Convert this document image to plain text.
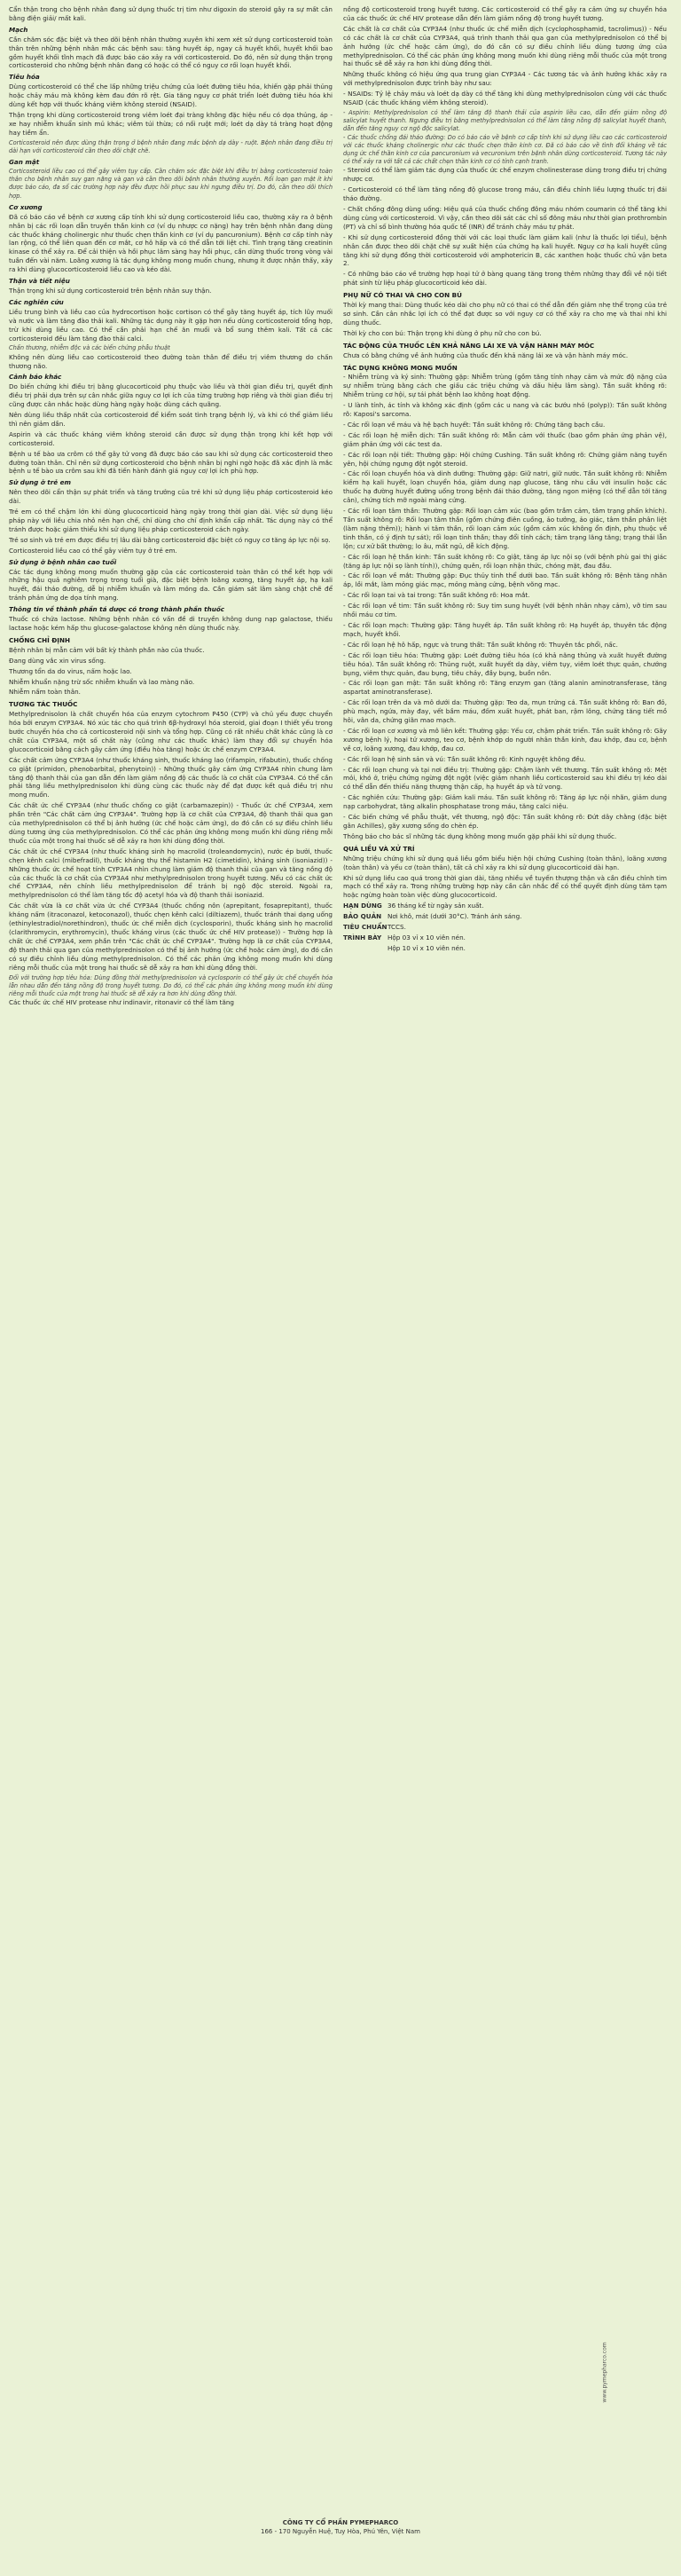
Cẩn thận trong cho bệnh nhân đang sử dụng thuốc trị tim như digoxin do steroid gây ra sự mất cân bằng điện giải/ mất kali.

Mạch

Cần chăm sóc đặc biệt và theo dõi bệnh nhân thường xuyên khi xem xét sử dụng corticosteroid toàn thân trên những bệnh nhân mắc các bệnh sau: tăng huyết áp, ngay cả huyết khối, huyết khối bao gồm huyết khối tĩnh mạch đã được báo cáo xảy ra với corticosteroid. Do đó, nên sử dụng thận trọng corticosteroid cho những bệnh nhân đang có hoặc có thể có nguy cơ rối loạn huyết khối.

Tiêu hóa

Dùng corticosteroid có thể che lấp những triệu chứng của loét đường tiêu hóa, khiến gặp phải thủng hoặc chảy máu mà không kèm đau đớn rõ rệt. Gia tăng nguy cơ phát triển loét đường tiêu hóa khi dùng kết hợp với thuốc kháng viêm không steroid (NSAID).

Thận trọng khi dùng corticosteroid trong viêm loét đại tràng không đặc hiệu nếu có dọa thủng, áp - xe hay nhiễm khuẩn sinh mủ khác; viêm túi thừa; có nối ruột mới; loét dạ dày tá tràng hoạt động hay tiềm ẩn.

Corticosteroid nên được dùng thận trọng ở bệnh nhân đang mắc bệnh dạ dày - ruột. Bệnh nhân đang điều trị dài hạn với corticosteroid cần theo dõi chặt chẽ.
Gan mật
Corticosteroid liều cao có thể gây viêm tụy cấp. Cần chăm sóc đặc biệt khi điều trị bằng corticosteroid toàn thân cho bệnh nhân suy gan nặng và gan và cần theo dõi bệnh nhân thường xuyên. Rối loạn gan mật ít khi được báo cáo, đa số các trường hợp này đều được hồi phục sau khi ngưng điều trị. Do đó, cần theo dõi thích hợp.
Cơ xương

Đã có báo cáo về bệnh cơ xương cấp tính khi sử dụng corticosteroid liều cao, thường xảy ra ở bệnh nhân bị các rối loạn dẫn truyền thần kinh cơ (ví dụ nhược cơ nặng) hay trên bệnh nhân đang dùng các thuốc kháng cholinergic như thuốc chẹn thần kinh cơ (ví dụ pancuronium). Bệnh cơ cấp tính này lan rộng, có thể liên quan đến cơ mắt, cơ hô hấp và có thể dẫn tới liệt chi. Tình trạng tăng creatinin kinase có thể xảy ra. Để cải thiện và hồi phục lâm sàng hay hồi phục, cần dừng thuốc trong vòng vài tuần đến vài năm. Loãng xương là tác dụng không mong muốn chung, nhưng ít được nhận thấy, xảy ra khi dùng glucocorticosteroid liều cao và kéo dài.

Thận và tiết niệu

Thận trọng khi sử dụng corticosteroid trên bệnh nhân suy thận.

Các nghiên cứu

Liều trung bình và liều cao của hydrocortison hoặc cortison có thể gây tăng huyết áp, tích lũy muối và nước và làm tăng đào thải kali. Những tác dụng này ít gặp hơn nếu dùng corticosteroid tổng hợp, trừ khi dùng liều cao. Có thể cần phải hạn chế ăn muối và bổ sung thêm kali. Tất cả các corticosteroid đều làm tăng đào thải calci.

Chấn thương, nhiễm độc và các biến chứng phẫu thuật

Không nên dùng liều cao corticosteroid theo đường toàn thân để điều trị viêm thương do chấn thương não.

Cảnh báo khác

Do biến chứng khi điều trị bằng glucocorticoid phụ thuộc vào liều và thời gian điều trị, quyết định điều trị phải dựa trên sự cân nhắc giữa nguy cơ lợi ích của từng trường hợp riêng và thời gian điều trị cũng được cân nhắc hoặc dùng hàng ngày hoặc dùng cách quãng.

Nên dùng liều thấp nhất của corticosteroid để kiểm soát tình trạng bệnh lý, và khi có thể giảm liều thì nên giảm dần.

Aspirin và các thuốc kháng viêm không steroid cần được sử dụng thận trọng khi kết hợp với corticosteroid.

Bệnh u tế bào ưa crôm có thể gây tử vong đã được báo cáo sau khi sử dụng các corticosteroid theo đường toàn thân. Chỉ nên sử dụng corticosteroid cho bệnh nhân bị nghi ngờ hoặc đã xác định là mắc bệnh u tế bào ưa crôm sau khi đã tiến hành đánh giá nguy cơ/ lợi ích phù hợp.

Sử dụng ở trẻ em

Nên theo dõi cẩn thận sự phát triển và tăng trưởng của trẻ khi sử dụng liệu pháp corticosteroid kéo dài.

Trẻ em có thể chậm lớn khi dùng glucocorticoid hàng ngày trong thời gian dài. Việc sử dụng liệu pháp này với liều chia nhỏ nên hạn chế, chỉ dùng cho chỉ định khẩn cấp nhất. Tác dụng này có thể tránh được hoặc giảm thiểu khi sử dụng liệu pháp corticosteroid cách ngày.

Trẻ sơ sinh và trẻ em được điều trị lâu dài bằng corticosteroid đặc biệt có nguy cơ tăng áp lực nội sọ.

Corticosteroid liều cao có thể gây viêm tụy ở trẻ em.

Sử dụng ở bệnh nhân cao tuổi

Các tác dụng không mong muốn thường gặp của các corticosteroid toàn thân có thể kết hợp với những hậu quả nghiêm trọng trong tuổi già, đặc biệt bệnh loãng xương, tăng huyết áp, hạ kali huyết, đái tháo đường, dễ bị nhiễm khuẩn và làm mỏng da. Cần giám sát lâm sàng chặt chẽ để tránh phản ứng de dọa tính mạng.

Thông tin về thành phần tá dược có trong thành phần thuốc

Thuốc có chứa lactose. Những bệnh nhân có vấn đề di truyền không dung nạp galactose, thiếu lactase hoặc kém hấp thu glucose-galactose không nên dùng thuốc này.

CHỐNG CHỈ ĐỊNH

Bệnh nhân bị mẫn cảm với bất kỳ thành phần nào của thuốc.

Đang dùng vắc xin virus sống.

Thương tổn da do virus, nấm hoặc lao.

Nhiễm khuẩn nặng trừ sốc nhiễm khuẩn và lao màng não.

Nhiễm nấm toàn thân.

TƯƠNG TÁC THUỐC

Methylprednisolon là chất chuyển hóa của enzym cytochrom P450 (CYP) và chủ yếu được chuyển hóa bởi enzym CYP3A4. Nó xúc tác cho quá trình 6β-hydroxyl hóa steroid, giai đoạn I thiết yếu trong bước chuyển hóa cho cả corticosteroid nội sinh và tổng hợp. Cũng có rất nhiều chất khác cũng là cơ chất của CYP3A4, một số chất này (cũng như các thuốc khác) làm thay đổi sự chuyển hóa glucocorticoid bằng cách gây cảm ứng (điều hòa tăng) hoặc ức chế enzym CYP3A4.

Các chất cảm ứng CYP3A4 (như thuốc kháng sinh, thuốc kháng lao (rifampin, rifabutin), thuốc chống co giật (primidon, phenobarbital, phenytoin)) - Những thuốc gây cảm ứng CYP3A4 nhìn chung làm tăng độ thanh thải của gan dẫn đến làm giảm nồng độ các thuốc là cơ chất của CYP3A4. Có thể cần phải tăng liều methylprednisolon khi dùng cùng các thuốc này để đạt được kết quả điều trị như mong muốn.

Các chất ức chế CYP3A4 (như thuốc chống co giật (carbamazepin)) - Thuốc ức chế CYP3A4, xem phần trên "Các chất cảm ứng CYP3A4". Trường hợp là cơ chất của CYP3A4, độ thanh thải qua gan của methylprednisolon có thể bị ảnh hưởng (ức chế hoặc cảm ứng), do đó cần có sự điều chỉnh liều dùng tương ứng của methylprednisolon. Có thể các phản ứng không mong muốn khi dùng riêng mỗi thuốc của một trong hai thuốc sẽ dễ xảy ra hơn khi dùng đồng thời.

Các chất ức chế CYP3A4 (như thuốc kháng sinh họ macrolid (troleandomycin), nước ép bưởi, thuốc chẹn kênh calci (mibefradil), thuốc kháng thụ thể histamin H2 (cimetidin), kháng sinh (isoniazid)) - Những thuốc ức chế hoạt tính CYP3A4 nhìn chung làm giảm độ thanh thải của gan và tăng nồng độ của các thuốc là cơ chất của CYP3A4 như methylprednisolon trong huyết tương. Nếu có các chất ức chế CYP3A4, nên chỉnh liều methylprednisolon để tránh bị ngộ độc steroid. Ngoài ra, methylprednisolon có thể làm tăng tốc độ acetyl hóa và độ thanh thải isoniazid.

Các chất vừa là cơ chất vừa ức chế CYP3A4 (thuốc chống nôn (aprepitant, fosaprepitant), thuốc kháng nấm (itraconazol, ketoconazol), thuốc chẹn kênh calci (diltiazem), thuốc tránh thai dạng uống (ethinylestradiol/norethindron), thuốc ức chế miễn dịch (cyclosporin), thuốc kháng sinh họ macrolid (clarithromycin, erythromycin), thuốc kháng virus (các thuốc ức chế HIV protease)) - Trường hợp là chất ức chế CYP3A4, xem phần trên "Các chất ức chế CYP3A4". Trường hợp là cơ chất của CYP3A4, độ thanh thải qua gan của methylprednisolon có thể bị ảnh hưởng (ức chế hoặc cảm ứng), do đó cần có sự điều chỉnh liều dùng methylprednisolon. Có thể các phản ứng không mong muốn khi dùng riêng mỗi thuốc của một trong hai thuốc sẽ dễ xảy ra hơn khi dùng đồng thời.

Đối với trường hợp tiêu hóa: Dùng đồng thời methylprednisolon và cyclosporin có thể gây ức chế chuyển hóa lẫn nhau dẫn đến tăng nồng độ trong huyết tương. Do đó, có thể các phản ứng không mong muốn khi dùng riêng mỗi thuốc của một trong hai thuốc sẽ dễ xảy ra hơn khi dùng đồng thời.

Các thuốc ức chế HIV protease như indinavir, ritonavir có thể làm tăng

nồng độ corticosteroid trong huyết tương. Các corticosteroid có thể gây ra cảm ứng sự chuyển hóa của các thuốc ức chế HIV protease dẫn đến làm giảm nồng độ trong huyết tương.

Các chất là cơ chất của CYP3A4 (như thuốc ức chế miễn dịch (cyclophosphamid, tacrolimus)) - Nếu có các chất là cơ chất của CYP3A4, quá trình thanh thải qua gan của methylprednisolon có thể bị ảnh hưởng (ức chế hoặc cảm ứng), do đó cần có sự điều chỉnh liều dùng tương ứng của methylprednisolon. Có thể các phản ứng không mong muốn khi dùng riêng mỗi thuốc của một trong hai thuốc sẽ dễ xảy ra hơn khi dùng đồng thời.

Những thuốc không có hiệu ứng qua trung gian CYP3A4 - Các tương tác và ảnh hưởng khác xảy ra với methylprednisolon được trình bày như sau:

- NSAIDs: Tỷ lệ chảy máu và loét dạ dày có thể tăng khi dùng methylprednisolon cùng với các thuốc NSAID (các thuốc kháng viêm không steroid).

- Aspirin: Methylprednisolon có thể làm tăng độ thanh thải của aspirin liều cao, dẫn đến giảm nồng độ salicylat huyết thanh. Ngưng điều trị bằng methylprednisolon có thể làm tăng nồng độ salicylat huyết thanh, dẫn đến tăng nguy cơ ngộ độc salicylat.
- Các thuốc chống đái tháo đường: Do có báo cáo về bệnh cơ cấp tính khi sử dụng liều cao các corticosteroid với các thuốc kháng cholinergic như các thuốc chẹn thần kinh cơ. Đã có báo cáo về tình đối kháng về tác dụng ức chế thần kinh cơ của pancuronium và vecuronium trên bệnh nhân dùng corticosteroid. Tương tác này có thể xảy ra với tất cả các chất chẹn thần kinh cơ có tính cạnh tranh.

- Steroid có thể làm giảm tác dụng của thuốc ức chế enzym cholinesterase dùng trong điều trị chứng nhược cơ.

- Corticosteroid có thể làm tăng nồng độ glucose trong máu, cần điều chỉnh liều lượng thuốc trị đái tháo đường.

- Chất chống đông dùng uống: Hiệu quả của thuốc chống đông máu nhóm coumarin có thể tăng khi dùng cùng với corticosteroid. Vì vậy, cần theo dõi sát các chỉ số đông máu như thời gian prothrombin (PT) và chỉ số bình thường hóa quốc tế (INR) để tránh chảy máu tự phát.

- Khi sử dụng corticosteroid đồng thời với các loại thuốc làm giảm kali (như là thuốc lợi tiểu), bệnh nhân cần được theo dõi chặt chẽ sự xuất hiện của chứng hạ kali huyết. Nguy cơ hạ kali huyết cũng tăng khi sử dụng đồng thời corticosteroid với amphotericin B, các xanthen hoặc thuốc chủ vận beta 2.

- Có những báo cáo về trường hợp hoại tử ở bàng quang tăng trong thêm những thay đổi về nội tiết phát sinh từ liệu pháp glucocorticoid kéo dài.

PHỤ NỮ CÓ THAI VÀ CHO CON BÚ

Thời kỳ mang thai: Dùng thuốc kéo dài cho phụ nữ có thai có thể dẫn đến giảm nhẹ thể trọng của trẻ sơ sinh. Cần cân nhắc lợi ích có thể đạt được so với nguy cơ có thể xảy ra cho mẹ và thai nhi khi dùng thuốc.

Thời kỳ cho con bú: Thận trọng khi dùng ở phụ nữ cho con bú.

TÁC ĐỘNG CỦA THUỐC LÊN KHẢ NĂNG LÁI XE VÀ VẬN HÀNH MÁY MÓC

Chưa có bằng chứng về ảnh hưởng của thuốc đến khả năng lái xe và vận hành máy móc.

TÁC DỤNG KHÔNG MONG MUỐN

- Nhiễm trùng và ký sinh: Thường gặp: Nhiễm trùng (gồm tăng tính nhạy cảm và mức độ nặng của sự nhiễm trùng bằng cách che giấu các triệu chứng và dấu hiệu lâm sàng). Tần suất không rõ: Nhiễm trùng cơ hội, sự tái phát bệnh lao không hoạt động.

- U lành tính, ác tính và không xác định (gồm các u nang và các bướu nhỏ (polyp)): Tần suất không rõ: Kaposi's sarcoma.

- Các rối loạn về máu và hệ bạch huyết: Tần suất không rõ: Chứng tăng bạch cầu.

- Các rối loạn hệ miễn dịch: Tần suất không rõ: Mẫn cảm với thuốc (bao gồm phản ứng phản vệ), giảm phản ứng với các test da.

- Các rối loạn nội tiết: Thường gặp: Hội chứng Cushing. Tần suất không rõ: Chứng giảm năng tuyến yên, hội chứng ngưng đột ngột steroid.

- Các rối loạn chuyển hóa và dinh dưỡng: Thường gặp: Giữ natri, giữ nước. Tần suất không rõ: Nhiễm kiềm hạ kali huyết, loạn chuyển hóa, giảm dung nạp glucose, tăng nhu cầu với insulin hoặc các thuốc hạ đường huyết đường uống trong bệnh đái tháo đường, tăng ngon miệng (có thể dẫn tới tăng cân), chứng tích mỡ ngoài màng cứng.

- Các rối loạn tâm thần: Thường gặp: Rối loạn cảm xúc (bao gồm trầm cảm, tâm trạng phấn khích). Tần suất không rõ: Rối loạn tâm thần (gồm chứng điên cuồng, ảo tưởng, ảo giác, tâm thần phân liệt (làm nặng thêm)); hành vi tâm thần, rối loạn cảm xúc (gồm cảm xúc không ổn định, phụ thuộc về tinh thần, có ý định tự sát); rối loạn tinh thần; thay đổi tính cách; tâm trạng lăng tăng; trạng thái lẫn lộn; cư xử bất thường; lo âu, mất ngủ, dễ kích động.

- Các rối loạn hệ thần kinh: Tần suất không rõ: Co giật, tăng áp lực nội sọ (với bệnh phù gai thị giác (tăng áp lực nội sọ lành tính)), chứng quên, rối loạn nhận thức, chóng mặt, đau đầu.

- Các rối loạn về mắt: Thường gặp: Đục thủy tinh thể dưới bao. Tần suất không rõ: Bệnh tăng nhãn áp, lồi mắt, làm mỏng giác mạc, mỏng màng cứng, bệnh võng mạc.

- Các rối loạn tai và tai trong: Tần suất không rõ: Hoa mắt.

- Các rối loạn về tim: Tần suất không rõ: Suy tim sung huyết (với bệnh nhân nhạy cảm), vỡ tim sau nhồi máu cơ tim.

- Các rối loạn mạch: Thường gặp: Tăng huyết áp. Tần suất không rõ: Hạ huyết áp, thuyên tắc động mạch, huyết khối.

- Các rối loạn hệ hô hấp, ngực và trung thất: Tần suất không rõ: Thuyên tắc phổi, nấc.

- Các rối loạn tiêu hóa: Thường gặp: Loét đường tiêu hóa (có khả năng thủng và xuất huyết đường tiêu hóa). Tần suất không rõ: Thủng ruột, xuất huyết dạ dày, viêm tụy, viêm loét thực quản, chướng bụng, viêm thực quản, đau bụng, tiêu chảy, đầy bụng, buồn nôn.

- Các rối loạn gan mật: Tần suất không rõ: Tăng enzym gan (tăng alanin aminotransferase, tăng aspartat aminotransferase).

- Các rối loạn trên da và mô dưới da: Thường gặp: Teo da, mụn trứng cá. Tần suất không rõ: Ban đỏ, phù mạch, ngứa, mày đay, vết bầm máu, đốm xuất huyết, phát ban, rậm lông, chứng tăng tiết mồ hôi, vân da, chứng giãn mao mạch.

- Các rối loạn cơ xương và mô liên kết: Thường gặp: Yếu cơ, chậm phát triển. Tần suất không rõ: Gãy xương bệnh lý, hoại tử xương, teo cơ, bệnh khớp do người nhân thần kinh, đau khớp, đau cơ, bệnh về cơ, loãng xương, đau khớp, đau cơ.

- Các rối loạn hệ sinh sản và vú: Tần suất không rõ: Kinh nguyệt không đều.

- Các rối loạn chung và tại nơi điều trị: Thường gặp: Chậm lành vết thương. Tần suất không rõ: Mệt mỏi, khó ở, triệu chứng ngừng đột ngột (việc giảm nhanh liều corticosteroid sau khi điều trị kéo dài có thể dẫn đến thiếu năng thượng thận cấp, hạ huyết áp và tử vong.

- Các nghiên cứu: Thường gặp: Giảm kali máu. Tần suất không rõ: Tăng áp lực nội nhãn, giảm dung nạp carbohydrat, tăng alkalin phosphatase trong máu, tăng calci niệu.

- Các biến chứng về phẫu thuật, vết thương, ngộ độc: Tần suất không rõ: Đứt dây chằng (đặc biệt gân Achilles), gãy xương sống do chèn ép.

Thông báo cho bác sĩ những tác dụng không mong muốn gặp phải khi sử dụng thuốc.

QUÁ LIỀU VÀ XỬ TRÍ

Những triệu chứng khi sử dụng quá liều gồm biểu hiện hội chứng Cushing (toàn thân), loãng xương (toàn thân) và yếu cơ (toàn thân), tất cả chỉ xảy ra khi sử dụng glucocorticoid dài hạn.

Khi sử dụng liều cao quá trong thời gian dài, tăng nhiều về tuyến thượng thận và cần điều chỉnh tim mạch có thể xảy ra. Trong những trường hợp này cần cân nhắc để có thể quyết định dùng tăm tạm hoặc ngừng hoàn toàn việc dùng glucocorticoid.

HẠN DÙNG 36 tháng kể từ ngày sản xuất.
BẢO QUẢN Nơi khô, mát (dưới 30°C). Tránh ánh sáng.
TIÊU CHUẨN TCCS.
TRÌNH BÀY Hộp 03 vỉ x 10 viên nén.
Hộp 10 vỉ x 10 viên nén.
www.pymepharco.com
CÔNG TY CỔ PHẦN PYMEPHARCO
166 - 170 Nguyễn Huệ, Tuy Hòa, Phú Yên, Việt Nam
